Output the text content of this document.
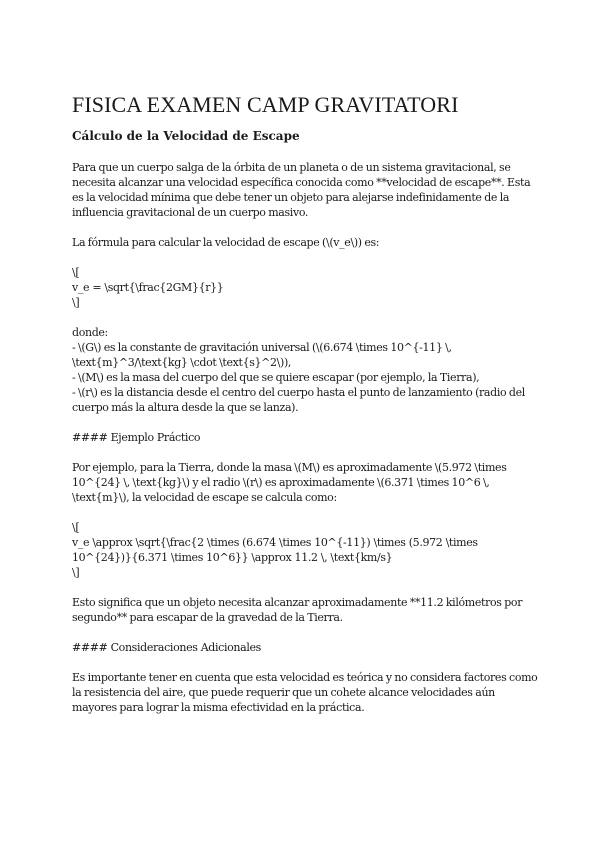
FISICA EXAMEN CAMP GRAVITATORI
Cálculo de la Velocidad de Escape

Para que un cuerpo salga de la órbita de un planeta o de un sistema gravitacional, se necesita alcanzar una velocidad específica conocida como **velocidad de escape**. Esta es la velocidad mínima que debe tener un objeto para alejarse indefinidamente de la influencia gravitacional de un cuerpo masivo.

La fórmula para calcular la velocidad de escape (\(v_e\)) es:

\[
v_e = \sqrt{\frac{2GM}{r}}
\]

donde:

- \(G\) es la constante de gravitación universal (\(6.674 \times 10^{-11} \, \text{m}^3/\text{kg} \cdot \text{s}^2\)),
- \(M\) es la masa del cuerpo del que se quiere escapar (por ejemplo, la Tierra),
- \(r\) es la distancia desde el centro del cuerpo hasta el punto de lanzamiento (radio del cuerpo más la altura desde la que se lanza).

#### Ejemplo Práctico

Por ejemplo, para la Tierra, donde la masa \(M\) es aproximadamente \(5.972 \times 10^{24} \, \text{kg}\) y el radio \(r\) es aproximadamente \(6.371 \times 10^6 \, \text{m}\), la velocidad de escape se calcula como:

\[
v_e \approx \sqrt{\frac{2 \times (6.674 \times 10^{-11}) \times (5.972 \times
10^{24})}{6.371 \times 10^6}} \approx 11.2 \, \text{km/s}
\]

Esto significa que un objeto necesita alcanzar aproximadamente **11.2 kilómetros por segundo** para escapar de la gravedad de la Tierra.

#### Consideraciones Adicionales

Es importante tener en cuenta que esta velocidad es teórica y no considera factores como la resistencia del aire, que puede requerir que un cohete alcance velocidades aún mayores para lograr la misma efectividad en la práctica.
